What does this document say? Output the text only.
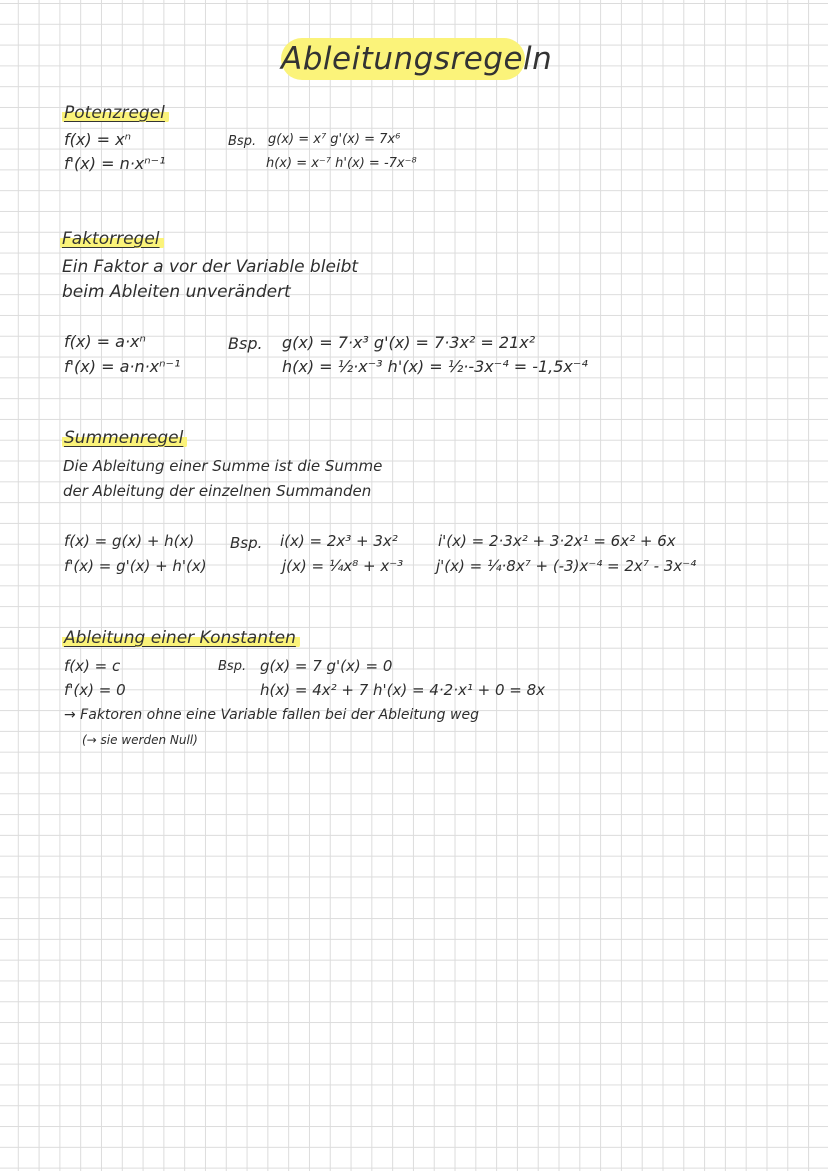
Ableitungsregeln
Potenzregel
f(x) = xⁿ
f'(x) = n·xⁿ⁻¹
Bsp. g(x) = x⁷ g'(x) = 7x⁶
h(x) = x⁻⁷ h'(x) = -7x⁻⁸
Faktorregel
Ein Faktor a vor der Variable bleibt
beim Ableiten unverändert
f(x) = a·xⁿ
f'(x) = a·n·xⁿ⁻¹
Bsp. g(x) = 7·x³ g'(x) = 7·3x² = 21x²
h(x) = ½·x⁻³ h'(x) = ½·-3x⁻⁴ = -1,5x⁻⁴
Summenregel
Die Ableitung einer Summe ist die Summe
der Ableitung der einzelnen Summanden
f(x) = g(x) + h(x)
f'(x) = g'(x) + h'(x)
Bsp. i(x) = 2x³ + 3x²	i'(x) = 2·3x² + 3·2x¹ = 6x² + 6x
j(x) = ¼x⁸ + x⁻³ j'(x) = ¼·8x⁷ + (-3)x⁻⁴ = 2x⁷ - 3x⁻⁴
Ableitung einer Konstanten
f(x) = c
f'(x) = 0
Bsp. g(x) = 7 g'(x) = 0
h(x) = 4x² + 7 h'(x) = 4·2·x¹ + 0 = 8x
→ Faktoren ohne eine Variable fallen bei der Ableitung weg
(→ sie werden Null)
